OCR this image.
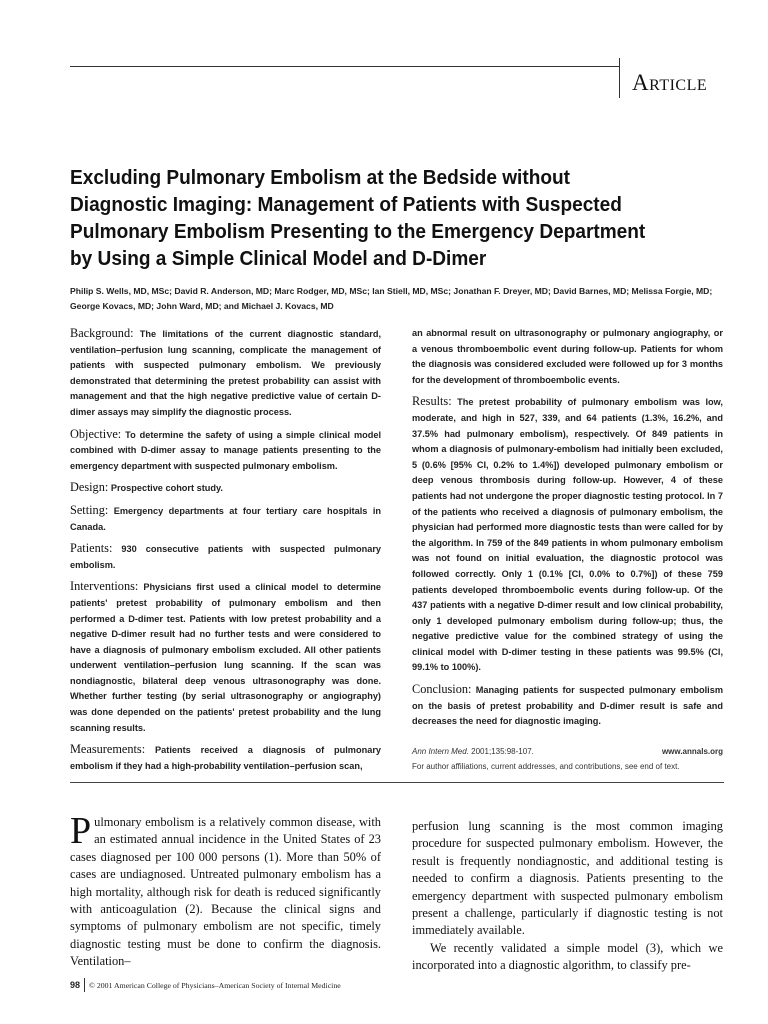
Article
Excluding Pulmonary Embolism at the Bedside without Diagnostic Imaging: Management of Patients with Suspected Pulmonary Embolism Presenting to the Emergency Department by Using a Simple Clinical Model and D-Dimer
Philip S. Wells, MD, MSc; David R. Anderson, MD; Marc Rodger, MD, MSc; Ian Stiell, MD, MSc; Jonathan F. Dreyer, MD; David Barnes, MD; Melissa Forgie, MD; George Kovacs, MD; John Ward, MD; and Michael J. Kovacs, MD

Background: The limitations of the current diagnostic standard, ventilation–perfusion lung scanning, complicate the management of patients with suspected pulmonary embolism. We previously demonstrated that determining the pretest probability can assist with management and that the high negative predictive value of certain D-dimer assays may simplify the diagnostic process.

Objective: To determine the safety of using a simple clinical model combined with D-dimer assay to manage patients presenting to the emergency department with suspected pulmonary embolism.

Design: Prospective cohort study.

Setting: Emergency departments at four tertiary care hospitals in Canada.

Patients: 930 consecutive patients with suspected pulmonary embolism.

Interventions: Physicians first used a clinical model to determine patients' pretest probability of pulmonary embolism and then performed a D-dimer test. Patients with low pretest probability and a negative D-dimer result had no further tests and were considered to have a diagnosis of pulmonary embolism excluded. All other patients underwent ventilation–perfusion lung scanning. If the scan was nondiagnostic, bilateral deep venous ultrasonography was done. Whether further testing (by serial ultrasonography or angiography) was done depended on the patients' pretest probability and the lung scanning results.

Measurements: Patients received a diagnosis of pulmonary embolism if they had a high-probability ventilation–perfusion scan,

an abnormal result on ultrasonography or pulmonary angiography, or a venous thromboembolic event during follow-up. Patients for whom the diagnosis was considered excluded were followed up for 3 months for the development of thromboembolic events.

Results: The pretest probability of pulmonary embolism was low, moderate, and high in 527, 339, and 64 patients (1.3%, 16.2%, and 37.5% had pulmonary embolism), respectively. Of 849 patients in whom a diagnosis of pulmonary-embolism had initially been excluded, 5 (0.6% [95% CI, 0.2% to 1.4%]) developed pulmonary embolism or deep venous thrombosis during follow-up. However, 4 of these patients had not undergone the proper diagnostic testing protocol. In 7 of the patients who received a diagnosis of pulmonary embolism, the physician had performed more diagnostic tests than were called for by the algorithm. In 759 of the 849 patients in whom pulmonary embolism was not found on initial evaluation, the diagnostic protocol was followed correctly. Only 1 (0.1% [CI, 0.0% to 0.7%]) of these 759 patients developed thromboembolic events during follow-up. Of the 437 patients with a negative D-dimer result and low clinical probability, only 1 developed pulmonary embolism during follow-up; thus, the negative predictive value for the combined strategy of using the clinical model with D-dimer testing in these patients was 99.5% (CI, 99.1% to 100%).

Conclusion: Managing patients for suspected pulmonary embolism on the basis of pretest probability and D-dimer result is safe and decreases the need for diagnostic imaging.

Ann Intern Med. 2001;135:98-107.	www.annals.org
For author affiliations, current addresses, and contributions, see end of text.

Pulmonary embolism is a relatively common disease, with an estimated annual incidence in the United States of 23 cases diagnosed per 100 000 persons (1). More than 50% of cases are undiagnosed. Untreated pulmonary embolism has a high mortality, although risk for death is reduced significantly with anticoagulation (2). Because the clinical signs and symptoms of pulmonary embolism are not specific, timely diagnostic testing must be done to confirm the diagnosis. Ventilation–

perfusion lung scanning is the most common imaging procedure for suspected pulmonary embolism. However, the result is frequently nondiagnostic, and additional testing is needed to confirm a diagnosis. Patients presenting to the emergency department with suspected pulmonary embolism present a challenge, particularly if diagnostic testing is not immediately available.

We recently validated a simple model (3), which we incorporated into a diagnostic algorithm, to classify pre-

98	© 2001 American College of Physicians–American Society of Internal Medicine
